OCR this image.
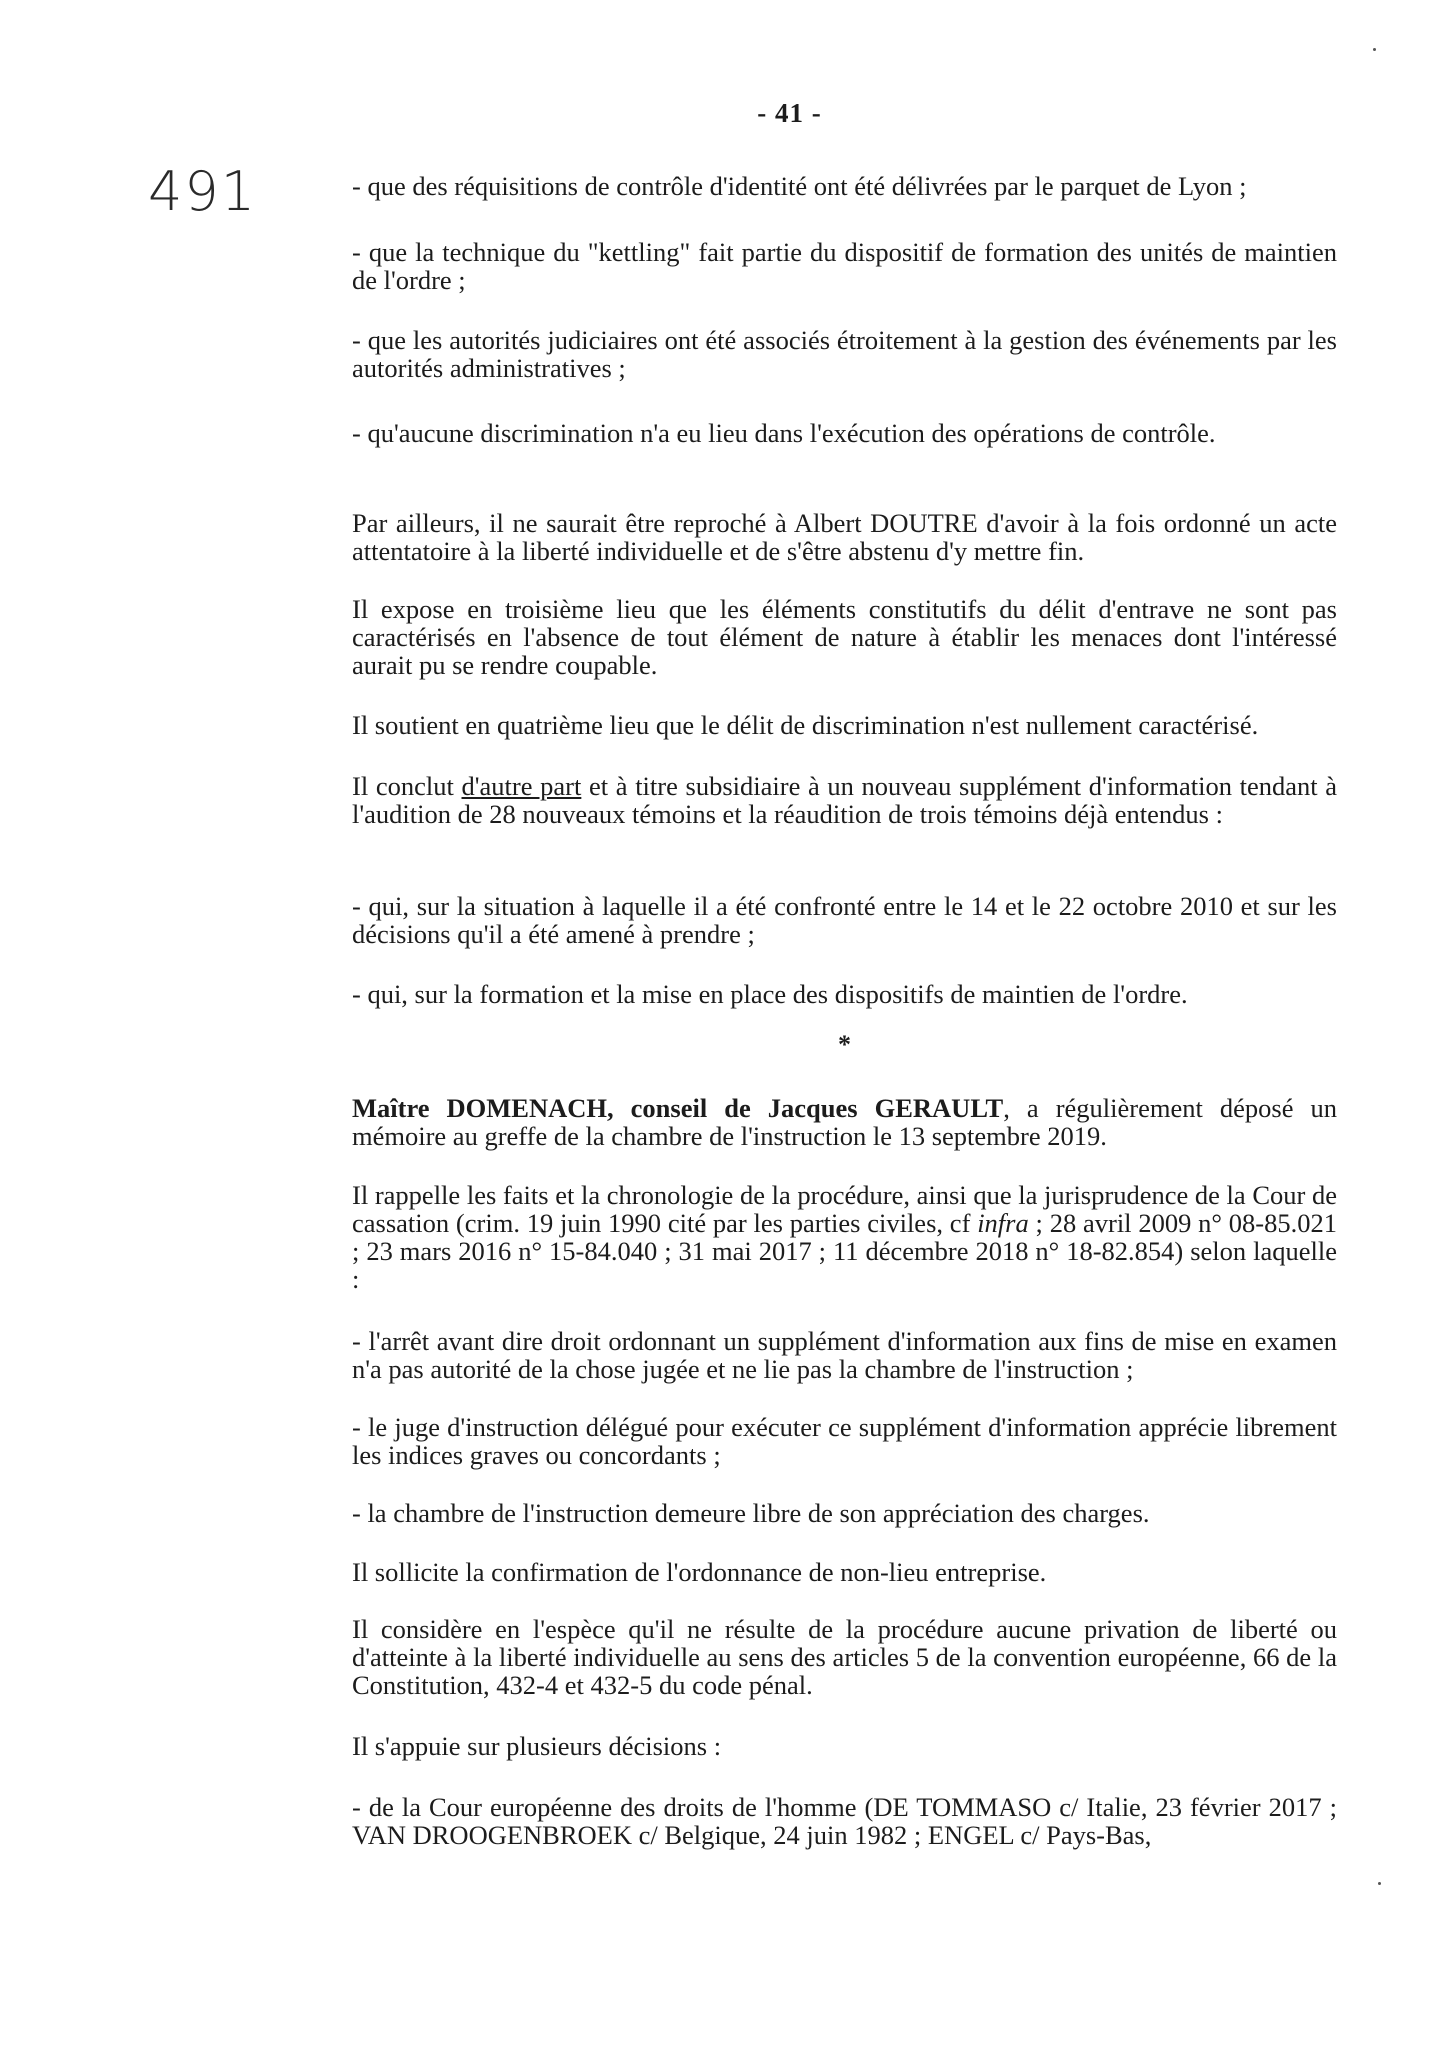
- 41 -
491	- que des réquisitions de contrôle d'identité ont été délivrées par le parquet de Lyon ;

- que la technique du "kettling" fait partie du dispositif de formation des unités de maintien de l'ordre ;

- que les autorités judiciaires ont été associés étroitement à la gestion des événements par les autorités administratives ;

- qu'aucune discrimination n'a eu lieu dans l'exécution des opérations de contrôle.

Par ailleurs, il ne saurait être reproché à Albert DOUTRE d'avoir à la fois ordonné un acte attentatoire à la liberté individuelle et de s'être abstenu d'y mettre fin.

Il expose en troisième lieu que les éléments constitutifs du délit d'entrave ne sont pas caractérisés en l'absence de tout élément de nature à établir les menaces dont l'intéressé aurait pu se rendre coupable.

Il soutient en quatrième lieu que le délit de discrimination n'est nullement caractérisé.

Il conclut d'autre part et à titre subsidiaire à un nouveau supplément d'information tendant à l'audition de 28 nouveaux témoins et la réaudition de trois témoins déjà entendus :

- qui, sur la situation à laquelle il a été confronté entre le 14 et le 22 octobre 2010 et sur les décisions qu'il a été amené à prendre ;

- qui, sur la formation et la mise en place des dispositifs de maintien de l'ordre.

*

Maître DOMENACH, conseil de Jacques GERAULT, a régulièrement déposé un mémoire au greffe de la chambre de l'instruction le 13 septembre 2019.

Il rappelle les faits et la chronologie de la procédure, ainsi que la jurisprudence de la Cour de cassation (crim. 19 juin 1990 cité par les parties civiles, cf infra ; 28 avril 2009 n° 08-85.021 ; 23 mars 2016 n° 15-84.040 ; 31 mai 2017 ; 11 décembre 2018 n° 18-82.854) selon laquelle :

- l'arrêt avant dire droit ordonnant un supplément d'information aux fins de mise en examen n'a pas autorité de la chose jugée et ne lie pas la chambre de l'instruction ;

- le juge d'instruction délégué pour exécuter ce supplément d'information apprécie librement les indices graves ou concordants ;

- la chambre de l'instruction demeure libre de son appréciation des charges.

Il sollicite la confirmation de l'ordonnance de non-lieu entreprise.

Il considère en l'espèce qu'il ne résulte de la procédure aucune privation de liberté ou d'atteinte à la liberté individuelle au sens des articles 5 de la convention européenne, 66 de la Constitution, 432-4 et 432-5 du code pénal.

Il s'appuie sur plusieurs décisions :

- de la Cour européenne des droits de l'homme (DE TOMMASO c/ Italie, 23 février 2017 ; VAN DROOGENBROEK c/ Belgique, 24 juin 1982 ; ENGEL c/ Pays-Bas,
